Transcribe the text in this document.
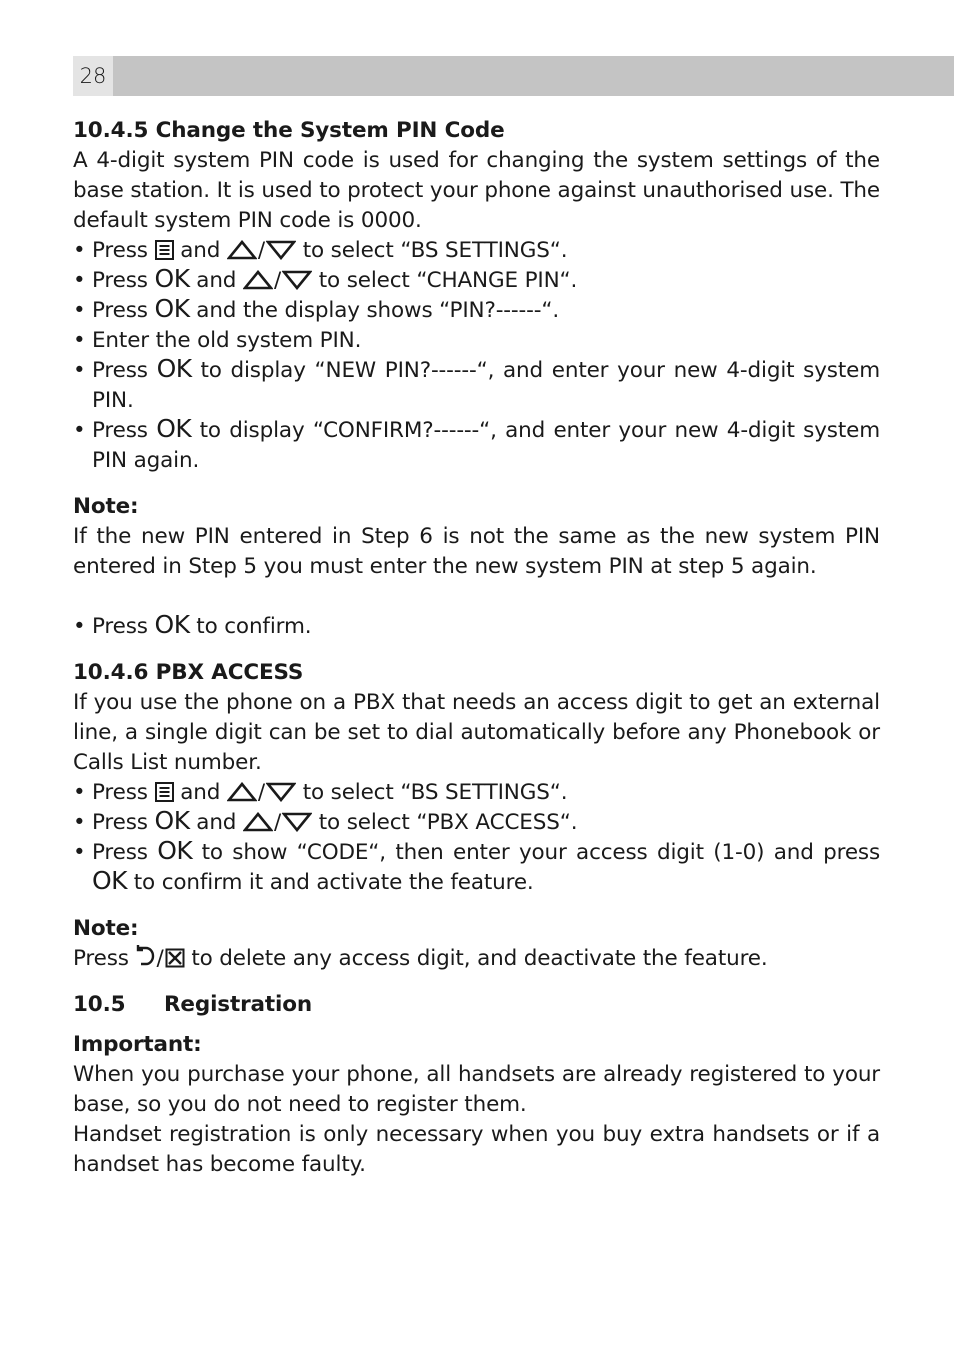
28
10.4.5 Change the System PIN Code

A 4-digit system PIN code is used for changing the system settings of the base station. It is used to protect your phone against unauthorised use. The default system PIN code is 0000.

• Press and / to select “BS SETTINGS“.
• Press OK and / to select “CHANGE PIN“.
• Press OK and the display shows “PIN?------“.
• Enter the old system PIN.
• Press OK to display “NEW PIN?------“, and enter your new 4-digit system PIN.
• Press OK to display “CONFIRM?------“, and enter your new 4-digit system PIN again.

Note:

If the new PIN entered in Step 6 is not the same as the new system PIN entered in Step 5 you must enter the new system PIN at step 5 again.

• Press OK to confirm.
10.4.6 PBX ACCESS

If you use the phone on a PBX that needs an access digit to get an external line, a single digit can be set to dial automatically before any Phonebook or Calls List number.

• Press and / to select “BS SETTINGS“.
• Press OK and / to select “PBX ACCESS“.
• Press OK to show “CODE“, then enter your access digit (1-0) and press OK to confirm it and activate the feature.

Note:

Press / to delete any access digit, and deactivate the feature.

10.5 Registration

Important:

When you purchase your phone, all handsets are already registered to your base, so you do not need to register them.

Handset registration is only necessary when you buy extra handsets or if a handset has become faulty.
